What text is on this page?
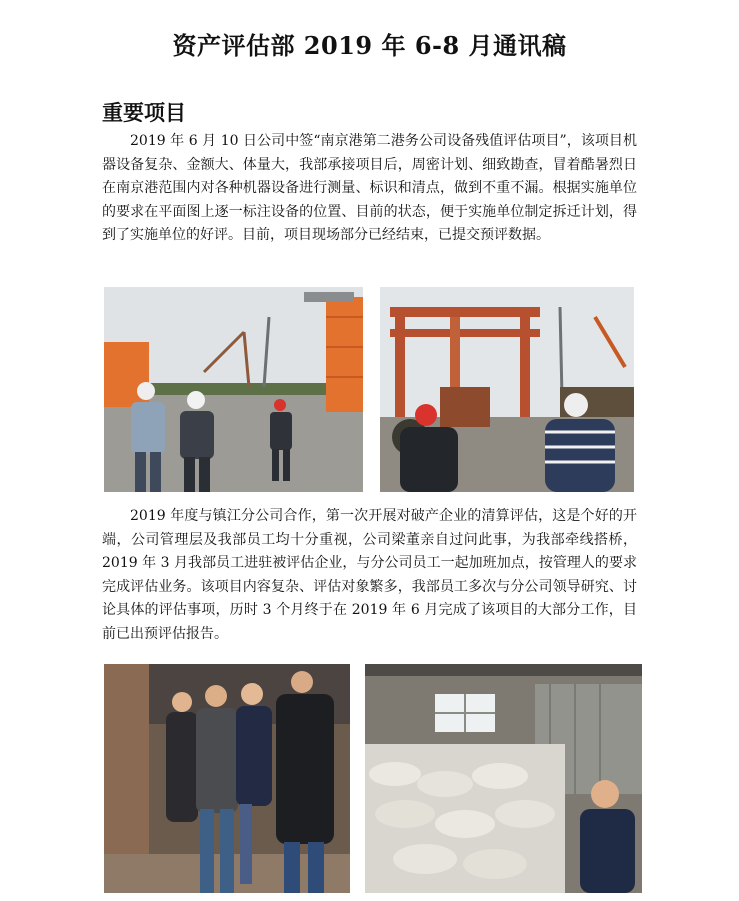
资产评估部 2019 年 6-8 月通讯稿
重要项目

2019 年 6 月 10 日公司中签“南京港第二港务公司设备残值评估项目”，该项目机器设备复杂、金额大、体量大，我部承接项目后，周密计划、细致勘查，冒着酷暑烈日在南京港范围内对各种机器设备进行测量、标识和清点，做到不重不漏。根据实施单位的要求在平面图上逐一标注设备的位置、目前的状态，便于实施单位制定拆迁计划，得到了实施单位的好评。目前，项目现场部分已经结束，已提交预评数据。

2019 年度与镇江分公司合作，第一次开展对破产企业的清算评估，这是个好的开端，公司管理层及我部员工均十分重视，公司梁董亲自过问此事，为我部牵线搭桥，2019 年 3 月我部员工进驻被评估企业，与分公司员工一起加班加点，按管理人的要求完成评估业务。该项目内容复杂、评估对象繁多，我部员工多次与分公司领导研究、讨论具体的评估事项，历时 3 个月终于在 2019 年 6 月完成了该项目的大部分工作，目前已出预评估报告。
